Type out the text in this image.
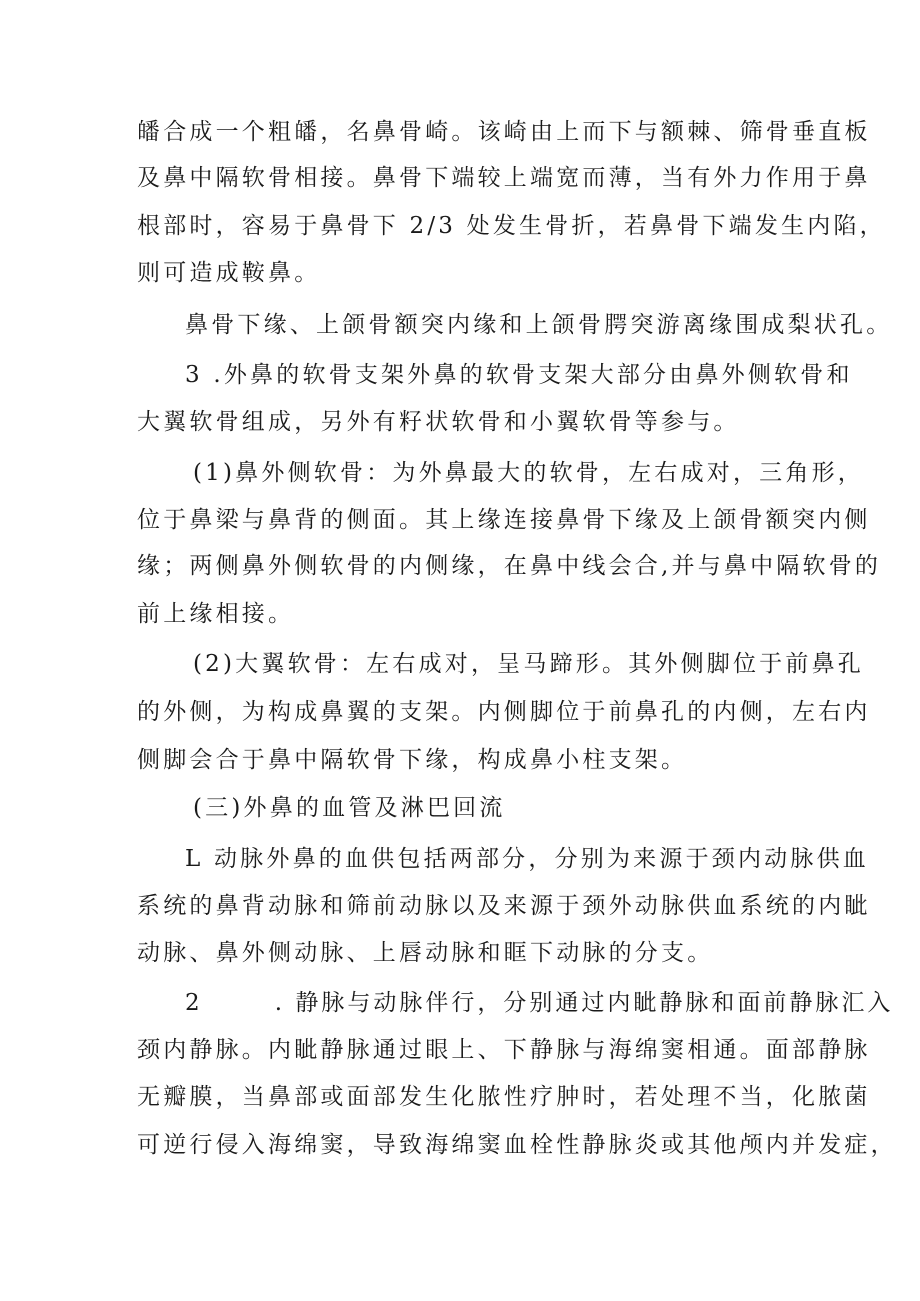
皤合成一个粗皤，名鼻骨崎。该崎由上而下与额棘、筛骨垂直板
及鼻中隔软骨相接。鼻骨下端较上端宽而薄，当有外力作用于鼻
根部时，容易于鼻骨下 2/3 处发生骨折，若鼻骨下端发生内陷，
则可造成鞍鼻。
鼻骨下缘、上颌骨额突内缘和上颌骨腭突游离缘围成梨状孔。
3 .外鼻的软骨支架外鼻的软骨支架大部分由鼻外侧软骨和
大翼软骨组成，另外有籽状软骨和小翼软骨等参与。
(1)鼻外侧软骨：为外鼻最大的软骨，左右成对，三角形，
位于鼻梁与鼻背的侧面。其上缘连接鼻骨下缘及上颌骨额突内侧
缘；两侧鼻外侧软骨的内侧缘，在鼻中线会合,并与鼻中隔软骨的
前上缘相接。
(2)大翼软骨：左右成对，呈马蹄形。其外侧脚位于前鼻孔
的外侧，为构成鼻翼的支架。内侧脚位于前鼻孔的内侧，左右内
侧脚会合于鼻中隔软骨下缘，构成鼻小柱支架。
(三)外鼻的血管及淋巴回流
L 动脉外鼻的血供包括两部分，分别为来源于颈内动脉供血
系统的鼻背动脉和筛前动脉以及来源于颈外动脉供血系统的内眦
动脉、鼻外侧动脉、上唇动脉和眶下动脉的分支。
2       . 静脉与动脉伴行，分别通过内眦静脉和面前静脉汇入
颈内静脉。内眦静脉通过眼上、下静脉与海绵窦相通。面部静脉
无瓣膜，当鼻部或面部发生化脓性疗肿时，若处理不当，化脓菌
可逆行侵入海绵窦，导致海绵窦血栓性静脉炎或其他颅内并发症，
